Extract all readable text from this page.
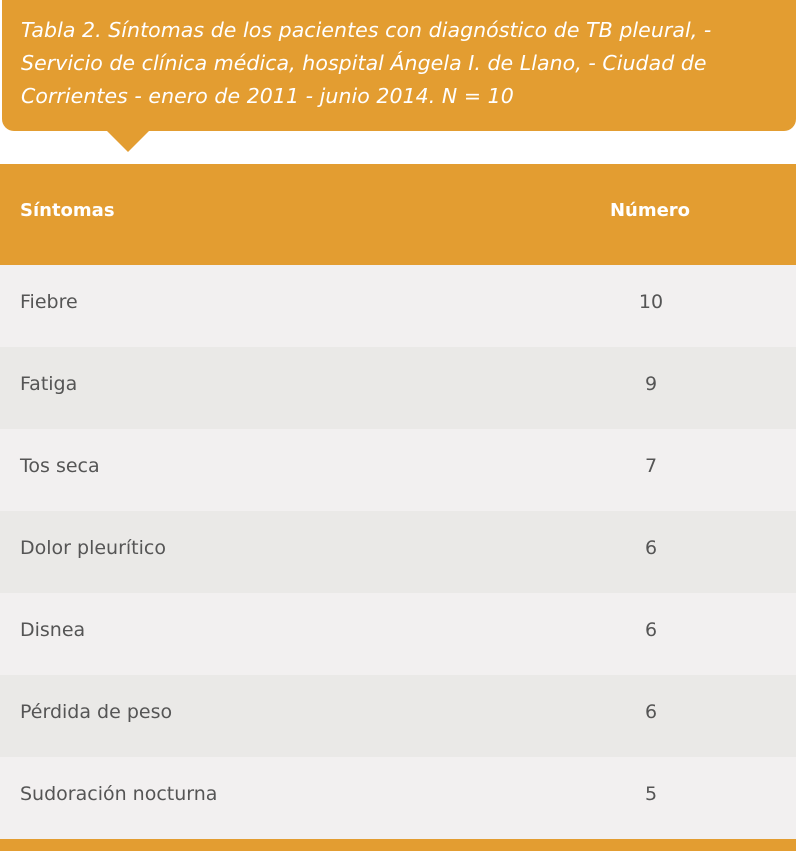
Tabla 2. Síntomas de los pacientes con diagnóstico de TB pleural, - Servicio de clínica médica, hospital Ángela I. de Llano, - Ciudad de Corrientes - enero de 2011 - junio 2014. N = 10
Síntomas	Número
Fiebre	10
Fatiga	9
Tos seca	7
Dolor pleurítico	6
Disnea	6
Pérdida de peso	6
Sudoración nocturna	5
